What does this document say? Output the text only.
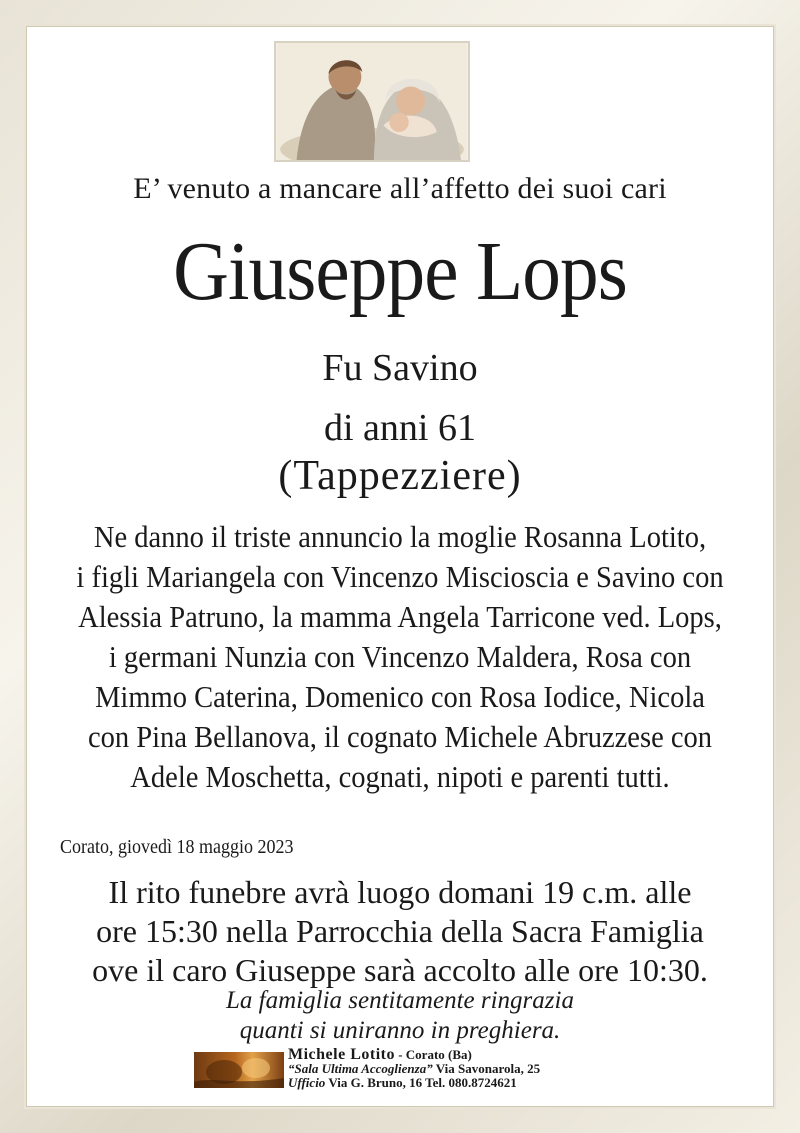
E’ venuto a mancare all’affetto dei suoi cari
Giuseppe Lops
Fu Savino
di anni 61
(Tappezziere)
Ne danno il triste annuncio la moglie Rosanna Lotito,
i figli Mariangela con Vincenzo Miscioscia e Savino con
Alessia Patruno, la mamma Angela Tarricone ved. Lops,
i germani Nunzia con Vincenzo Maldera, Rosa con
Mimmo Caterina, Domenico con Rosa Iodice, Nicola
con Pina Bellanova, il cognato Michele Abruzzese con
Adele Moschetta, cognati, nipoti e parenti tutti.
Corato, giovedì 18 maggio 2023
Il rito funebre avrà luogo domani 19 c.m. alle
ore 15:30 nella Parrocchia della Sacra Famiglia
ove il caro Giuseppe sarà accolto alle ore 10:30.
La famiglia sentitamente ringrazia
quanti si uniranno in preghiera.
Michele Lotito - Corato (Ba)
“Sala Ultima Accoglienza” Via Savonarola, 25
Ufficio Via G. Bruno, 16 Tel. 080.8724621
